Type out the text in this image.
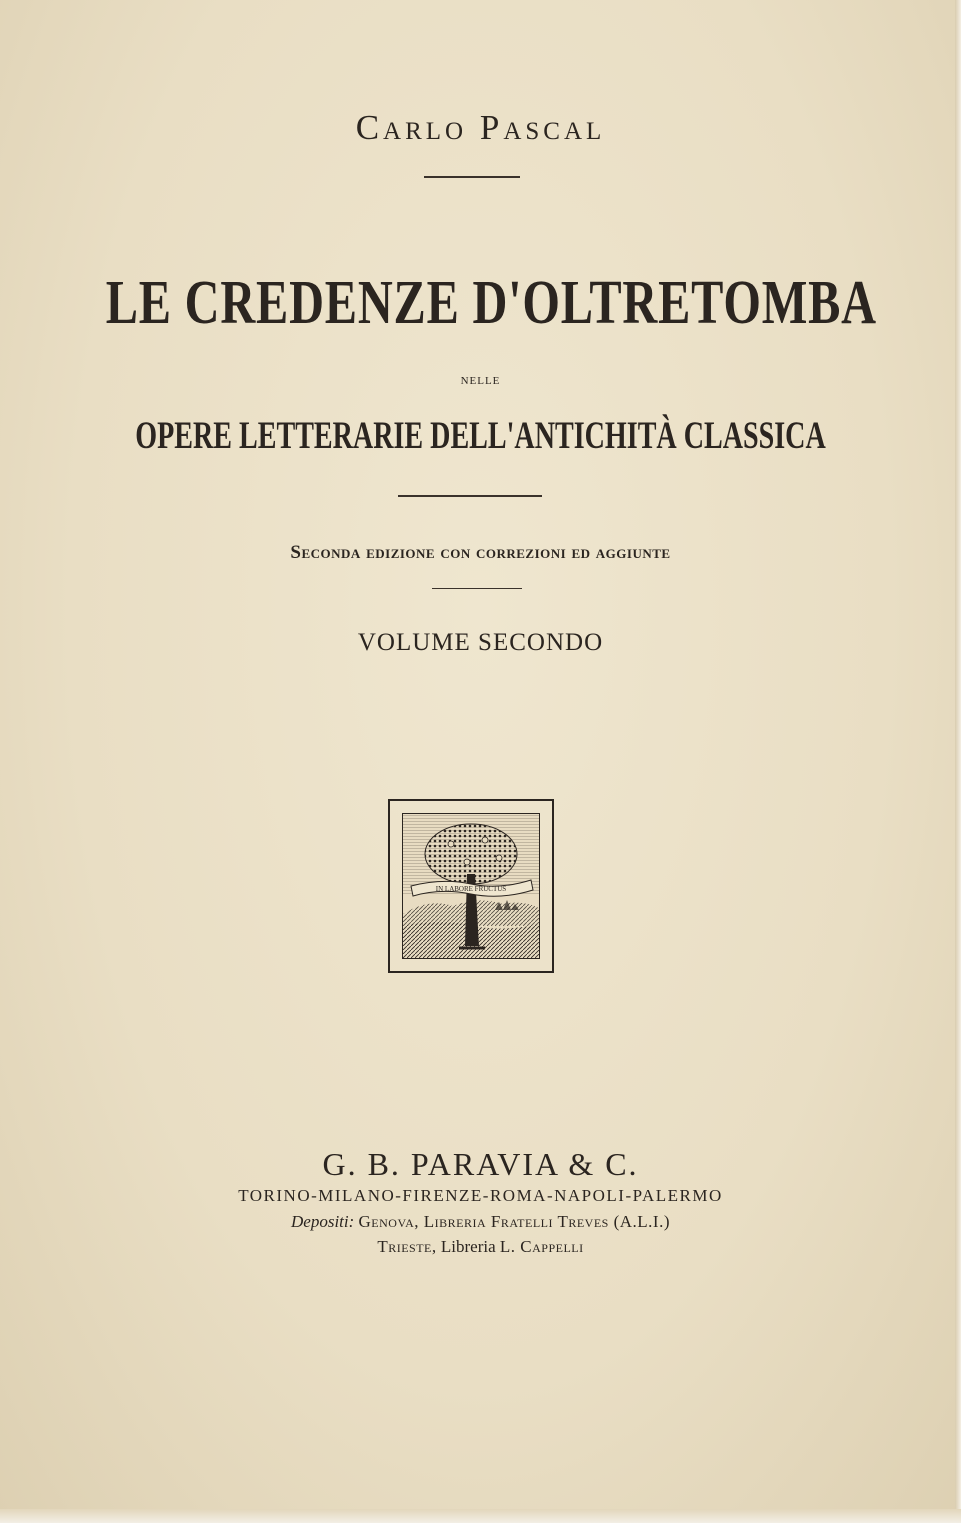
Carlo Pascal
LE CREDENZE D'OLTRETOMBA
nelle
OPERE LETTERARIE DELL'ANTICHITÀ CLASSICA
Seconda edizione con correzioni ed aggiunte
VOLUME SECONDO
IN LABORE FRUCTUS
G. B. PARAVIA & C.
TORINO-MILANO-FIRENZE-ROMA-NAPOLI-PALERMO
Depositi: Genova, Libreria Fratelli Treves (A.L.I.)
Trieste, Libreria L. Cappelli
